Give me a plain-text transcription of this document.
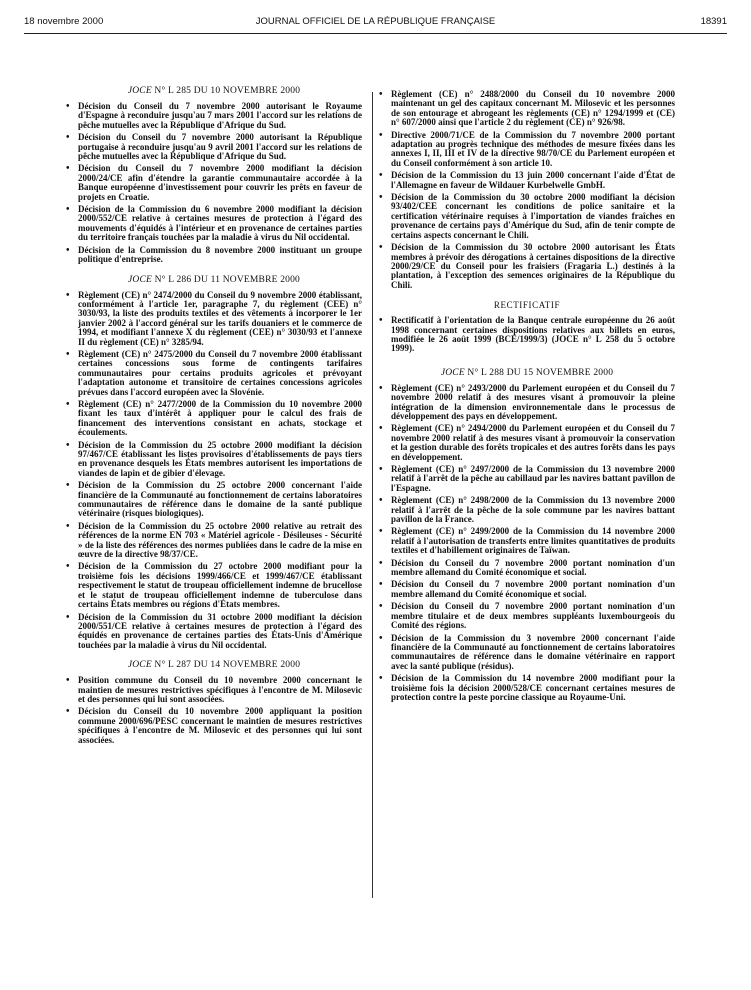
18 novembre 2000	JOURNAL OFFICIEL DE LA RÉPUBLIQUE FRANÇAISE	18391
JOCE N° L 285 DU 10 NOVEMBRE 2000
• Décision du Conseil du 7 novembre 2000 autorisant le Royaume d'Espagne à reconduire jusqu'au 7 mars 2001 l'accord sur les relations de pêche mutuelles avec la République d'Afrique du Sud.
• Décision du Conseil du 7 novembre 2000 autorisant la République portugaise à reconduire jusqu'au 9 avril 2001 l'accord sur les relations de pêche mutuelles avec la République d'Afrique du Sud.
• Décision du Conseil du 7 novembre 2000 modifiant la décision 2000/24/CE afin d'étendre la garantie communautaire accordée à la Banque européenne d'investissement pour couvrir les prêts en faveur de projets en Croatie.
• Décision de la Commission du 6 novembre 2000 modifiant la décision 2000/552/CE relative à certaines mesures de protection à l'égard des mouvements d'équidés à l'intérieur et en provenance de certaines parties du territoire français touchées par la maladie à virus du Nil occidental.
• Décision de la Commission du 8 novembre 2000 instituant un groupe politique d'entreprise.
JOCE N° L 286 DU 11 NOVEMBRE 2000
• Règlement (CE) n° 2474/2000 du Conseil du 9 novembre 2000 établissant, conformément à l'article 1er, paragraphe 7, du règlement (CEE) n° 3030/93, la liste des produits textiles et des vêtements à incorporer le 1er janvier 2002 à l'accord général sur les tarifs douaniers et le commerce de 1994, et modifiant l'annexe X du règlement (CEE) n° 3030/93 et l'annexe II du règlement (CE) n° 3285/94.
• Règlement (CE) n° 2475/2000 du Conseil du 7 novembre 2000 établissant certaines concessions sous forme de contingents tarifaires communautaires pour certains produits agricoles et prévoyant l'adaptation autonome et transitoire de certaines concessions agricoles prévues dans l'accord européen avec la Slovénie.
• Règlement (CE) n° 2477/2000 de la Commission du 10 novembre 2000 fixant les taux d'intérêt à appliquer pour le calcul des frais de financement des interventions consistant en achats, stockage et écoulements.
• Décision de la Commission du 25 octobre 2000 modifiant la décision 97/467/CE établissant les listes provisoires d'établissements de pays tiers en provenance desquels les États membres autorisent les importations de viandes de lapin et de gibier d'élevage.
• Décision de la Commission du 25 octobre 2000 concernant l'aide financière de la Communauté au fonctionnement de certains laboratoires communautaires de référence dans le domaine de la santé publique vétérinaire (risques biologiques).
• Décision de la Commission du 25 octobre 2000 relative au retrait des références de la norme EN 703 « Matériel agricole - Désileuses - Sécurité » de la liste des références des normes publiées dans le cadre de la mise en œuvre de la directive 98/37/CE.
• Décision de la Commission du 27 octobre 2000 modifiant pour la troisième fois les décisions 1999/466/CE et 1999/467/CE établissant respectivement le statut de troupeau officiellement indemne de brucellose et le statut de troupeau officiellement indemne de tuberculose dans certains États membres ou régions d'États membres.
• Décision de la Commission du 31 octobre 2000 modifiant la décision 2000/551/CE relative à certaines mesures de protection à l'égard des équidés en provenance de certaines parties des États-Unis d'Amérique touchées par la maladie à virus du Nil occidental.
JOCE N° L 287 DU 14 NOVEMBRE 2000
• Position commune du Conseil du 10 novembre 2000 concernant le maintien de mesures restrictives spécifiques à l'encontre de M. Milosevic et des personnes qui lui sont associées.
• Décision du Conseil du 10 novembre 2000 appliquant la position commune 2000/696/PESC concernant le maintien de mesures restrictives spécifiques à l'encontre de M. Milosevic et des personnes qui lui sont associées.
• Règlement (CE) n° 2488/2000 du Conseil du 10 novembre 2000 maintenant un gel des capitaux concernant M. Milosevic et les personnes de son entourage et abrogeant les règlements (CE) n° 1294/1999 et (CE) n° 607/2000 ainsi que l'article 2 du règlement (CE) n° 926/98.
• Directive 2000/71/CE de la Commission du 7 novembre 2000 portant adaptation au progrès technique des méthodes de mesure fixées dans les annexes I, II, III et IV de la directive 98/70/CE du Parlement européen et du Conseil conformément à son article 10.
• Décision de la Commission du 13 juin 2000 concernant l'aide d'État de l'Allemagne en faveur de Wildauer Kurbelwelle GmbH.
• Décision de la Commission du 30 octobre 2000 modifiant la décision 93/402/CEE concernant les conditions de police sanitaire et la certification vétérinaire requises à l'importation de viandes fraîches en provenance de certains pays d'Amérique du Sud, afin de tenir compte de certains aspects concernant le Chili.
• Décision de la Commission du 30 octobre 2000 autorisant les États membres à prévoir des dérogations à certaines dispositions de la directive 2000/29/CE du Conseil pour les fraisiers (Fragaria L.) destinés à la plantation, à l'exception des semences originaires de la République du Chili.
RECTIFICATIF
• Rectificatif à l'orientation de la Banque centrale européenne du 26 août 1998 concernant certaines dispositions relatives aux billets en euros, modifiée le 26 août 1999 (BCE/1999/3) (JOCE n° L 258 du 5 octobre 1999).
JOCE N° L 288 DU 15 NOVEMBRE 2000
• Règlement (CE) n° 2493/2000 du Parlement européen et du Conseil du 7 novembre 2000 relatif à des mesures visant à promouvoir la pleine intégration de la dimension environnementale dans le processus de développement des pays en développement.
• Règlement (CE) n° 2494/2000 du Parlement européen et du Conseil du 7 novembre 2000 relatif à des mesures visant à promouvoir la conservation et la gestion durable des forêts tropicales et des autres forêts dans les pays en développement.
• Règlement (CE) n° 2497/2000 de la Commission du 13 novembre 2000 relatif à l'arrêt de la pêche au cabillaud par les navires battant pavillon de l'Espagne.
• Règlement (CE) n° 2498/2000 de la Commission du 13 novembre 2000 relatif à l'arrêt de la pêche de la sole commune par les navires battant pavillon de la France.
• Règlement (CE) n° 2499/2000 de la Commission du 14 novembre 2000 relatif à l'autorisation de transferts entre limites quantitatives de produits textiles et d'habillement originaires de Taïwan.
• Décision du Conseil du 7 novembre 2000 portant nomination d'un membre allemand du Comité économique et social.
• Décision du Conseil du 7 novembre 2000 portant nomination d'un membre allemand du Comité économique et social.
• Décision du Conseil du 7 novembre 2000 portant nomination d'un membre titulaire et de deux membres suppléants luxembourgeois du Comité des régions.
• Décision de la Commission du 3 novembre 2000 concernant l'aide financière de la Communauté au fonctionnement de certains laboratoires communautaires de référence dans le domaine vétérinaire en rapport avec la santé publique (résidus).
• Décision de la Commission du 14 novembre 2000 modifiant pour la troisième fois la décision 2000/528/CE concernant certaines mesures de protection contre la peste porcine classique au Royaume-Uni.
